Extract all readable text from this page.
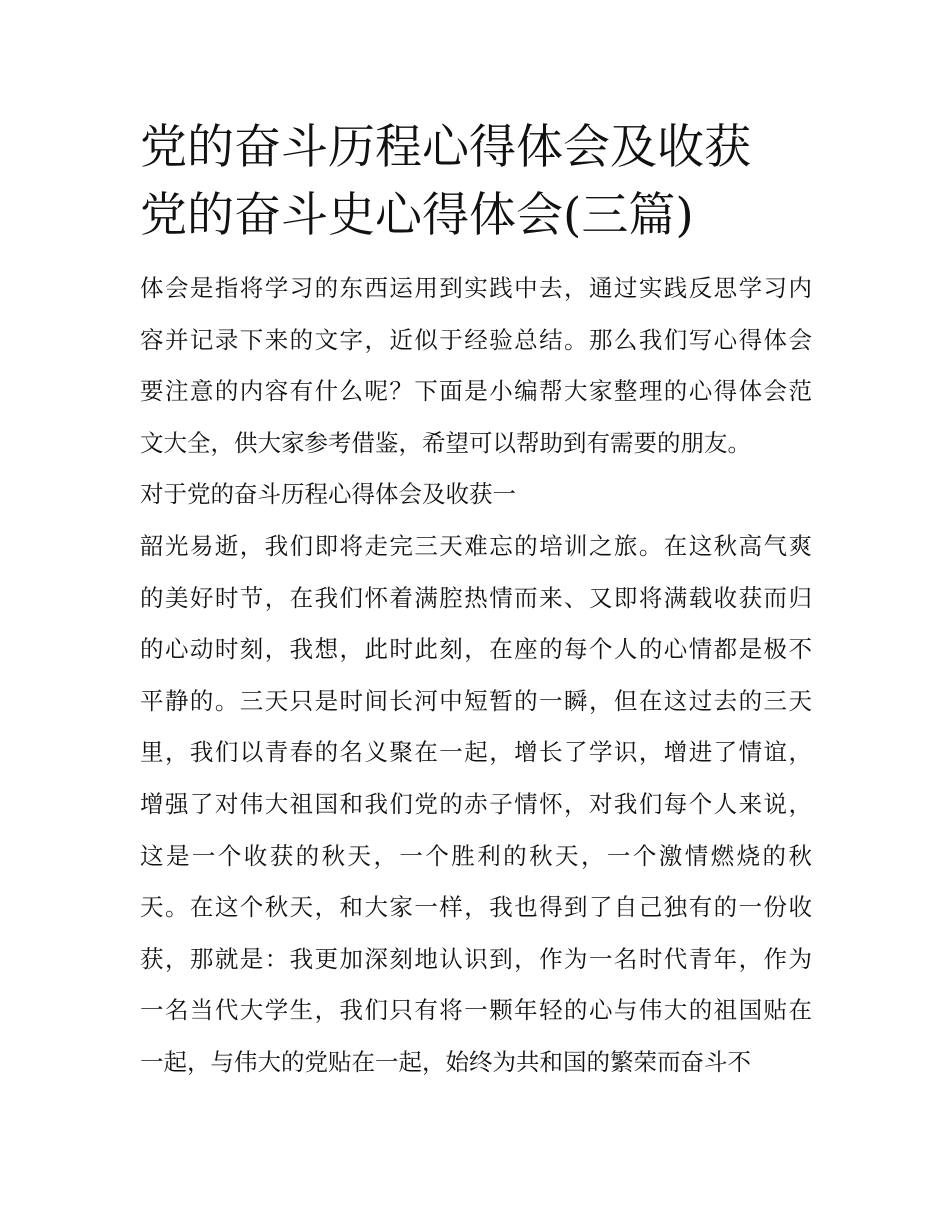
党的奋斗历程心得体会及收获
党的奋斗史心得体会(三篇)
体会是指将学习的东西运用到实践中去，通过实践反思学习内
容并记录下来的文字，近似于经验总结。那么我们写心得体会
要注意的内容有什么呢？下面是小编帮大家整理的心得体会范
文大全，供大家参考借鉴，希望可以帮助到有需要的朋友。
对于党的奋斗历程心得体会及收获一
韶光易逝，我们即将走完三天难忘的培训之旅。在这秋高气爽
的美好时节，在我们怀着满腔热情而来、又即将满载收获而归
的心动时刻，我想，此时此刻，在座的每个人的心情都是极不
平静的。三天只是时间长河中短暂的一瞬，但在这过去的三天
里，我们以青春的名义聚在一起，增长了学识，增进了情谊，
增强了对伟大祖国和我们党的赤子情怀，对我们每个人来说，
这是一个收获的秋天，一个胜利的秋天，一个激情燃烧的秋
天。在这个秋天，和大家一样，我也得到了自己独有的一份收
获，那就是：我更加深刻地认识到，作为一名时代青年，作为
一名当代大学生，我们只有将一颗年轻的心与伟大的祖国贴在
一起，与伟大的党贴在一起，始终为共和国的繁荣而奋斗不
